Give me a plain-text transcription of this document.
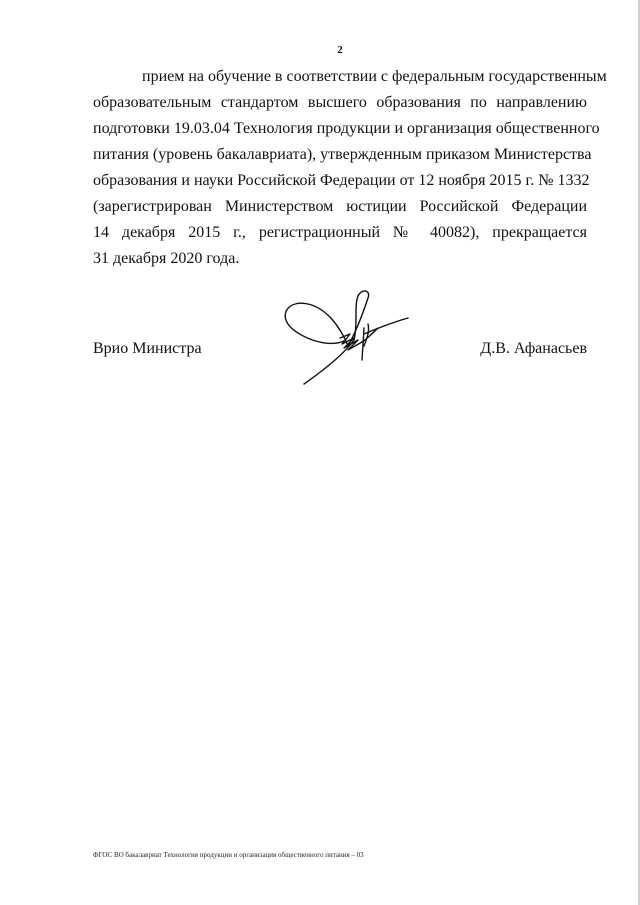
2
прием на обучение в соответствии с федеральным государственным
образовательным стандартом высшего образования по направлению
подготовки 19.03.04 Технология продукции и организация общественного
питания (уровень бакалавриата), утвержденным приказом Министерства
образования и науки Российской Федерации от 12 ноября 2015 г. № 1332
(зарегистрирован Министерством юстиции Российской Федерации
14 декабря 2015 г., регистрационный № 40082), прекращается
31 декабря 2020 года.
Врио Министра	Д.В. Афанасьев
ФГОС ВО бакалавриат Технология продукции и организация общественного питания – 03
